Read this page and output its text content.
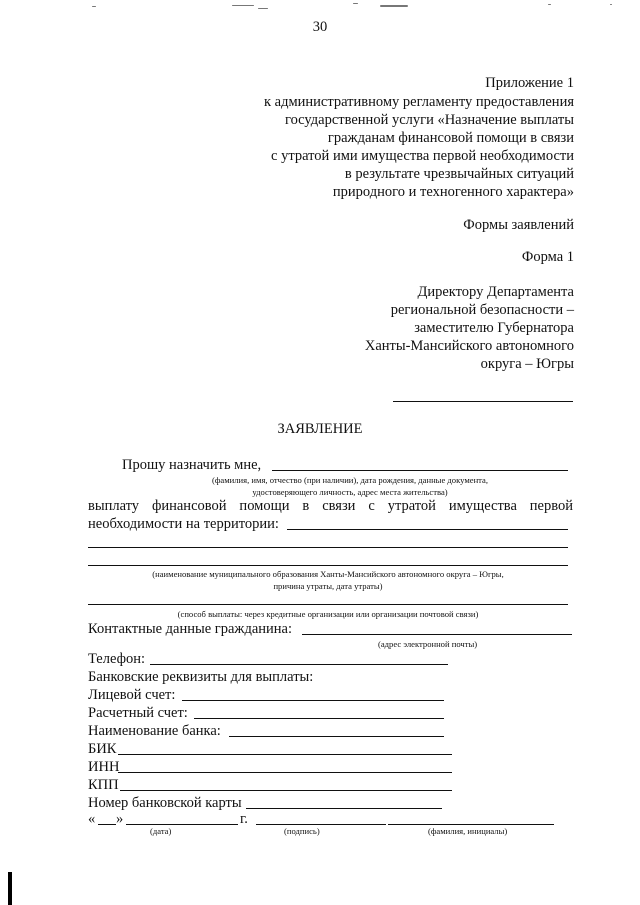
30
Приложение 1
к административному регламенту предоставления
государственной услуги «Назначение выплаты
гражданам финансовой помощи в связи
с утратой ими имущества первой необходимости
в результате чрезвычайных ситуаций
природного и техногенного характера»
Формы заявлений
Форма 1
Директору Департамента
региональной безопасности –
заместителю Губернатора
Ханты-Мансийского автономного
округа – Югры
ЗАЯВЛЕНИЕ
Прошу назначить мне,
(фамилия, имя, отчество (при наличии), дата рождения, данные документа,
удостоверяющего личность, адрес места жительства)
выплату финансовой помощи в связи с утратой имущества первой
необходимости на территории:
(наименование муниципального образования Ханты-Мансийского автономного округа – Югры,
причина утраты, дата утраты)
(способ выплаты: через кредитные организации или организации почтовой связи)
Контактные данные гражданина:
(адрес электронной почты)
Телефон:
Банковские реквизиты для выплаты:
Лицевой счет:
Расчетный счет:
Наименование банка:
БИК
ИНН
КПП
Номер банковской карты
« »	г.
(дата)	(подпись)	(фамилия, инициалы)
